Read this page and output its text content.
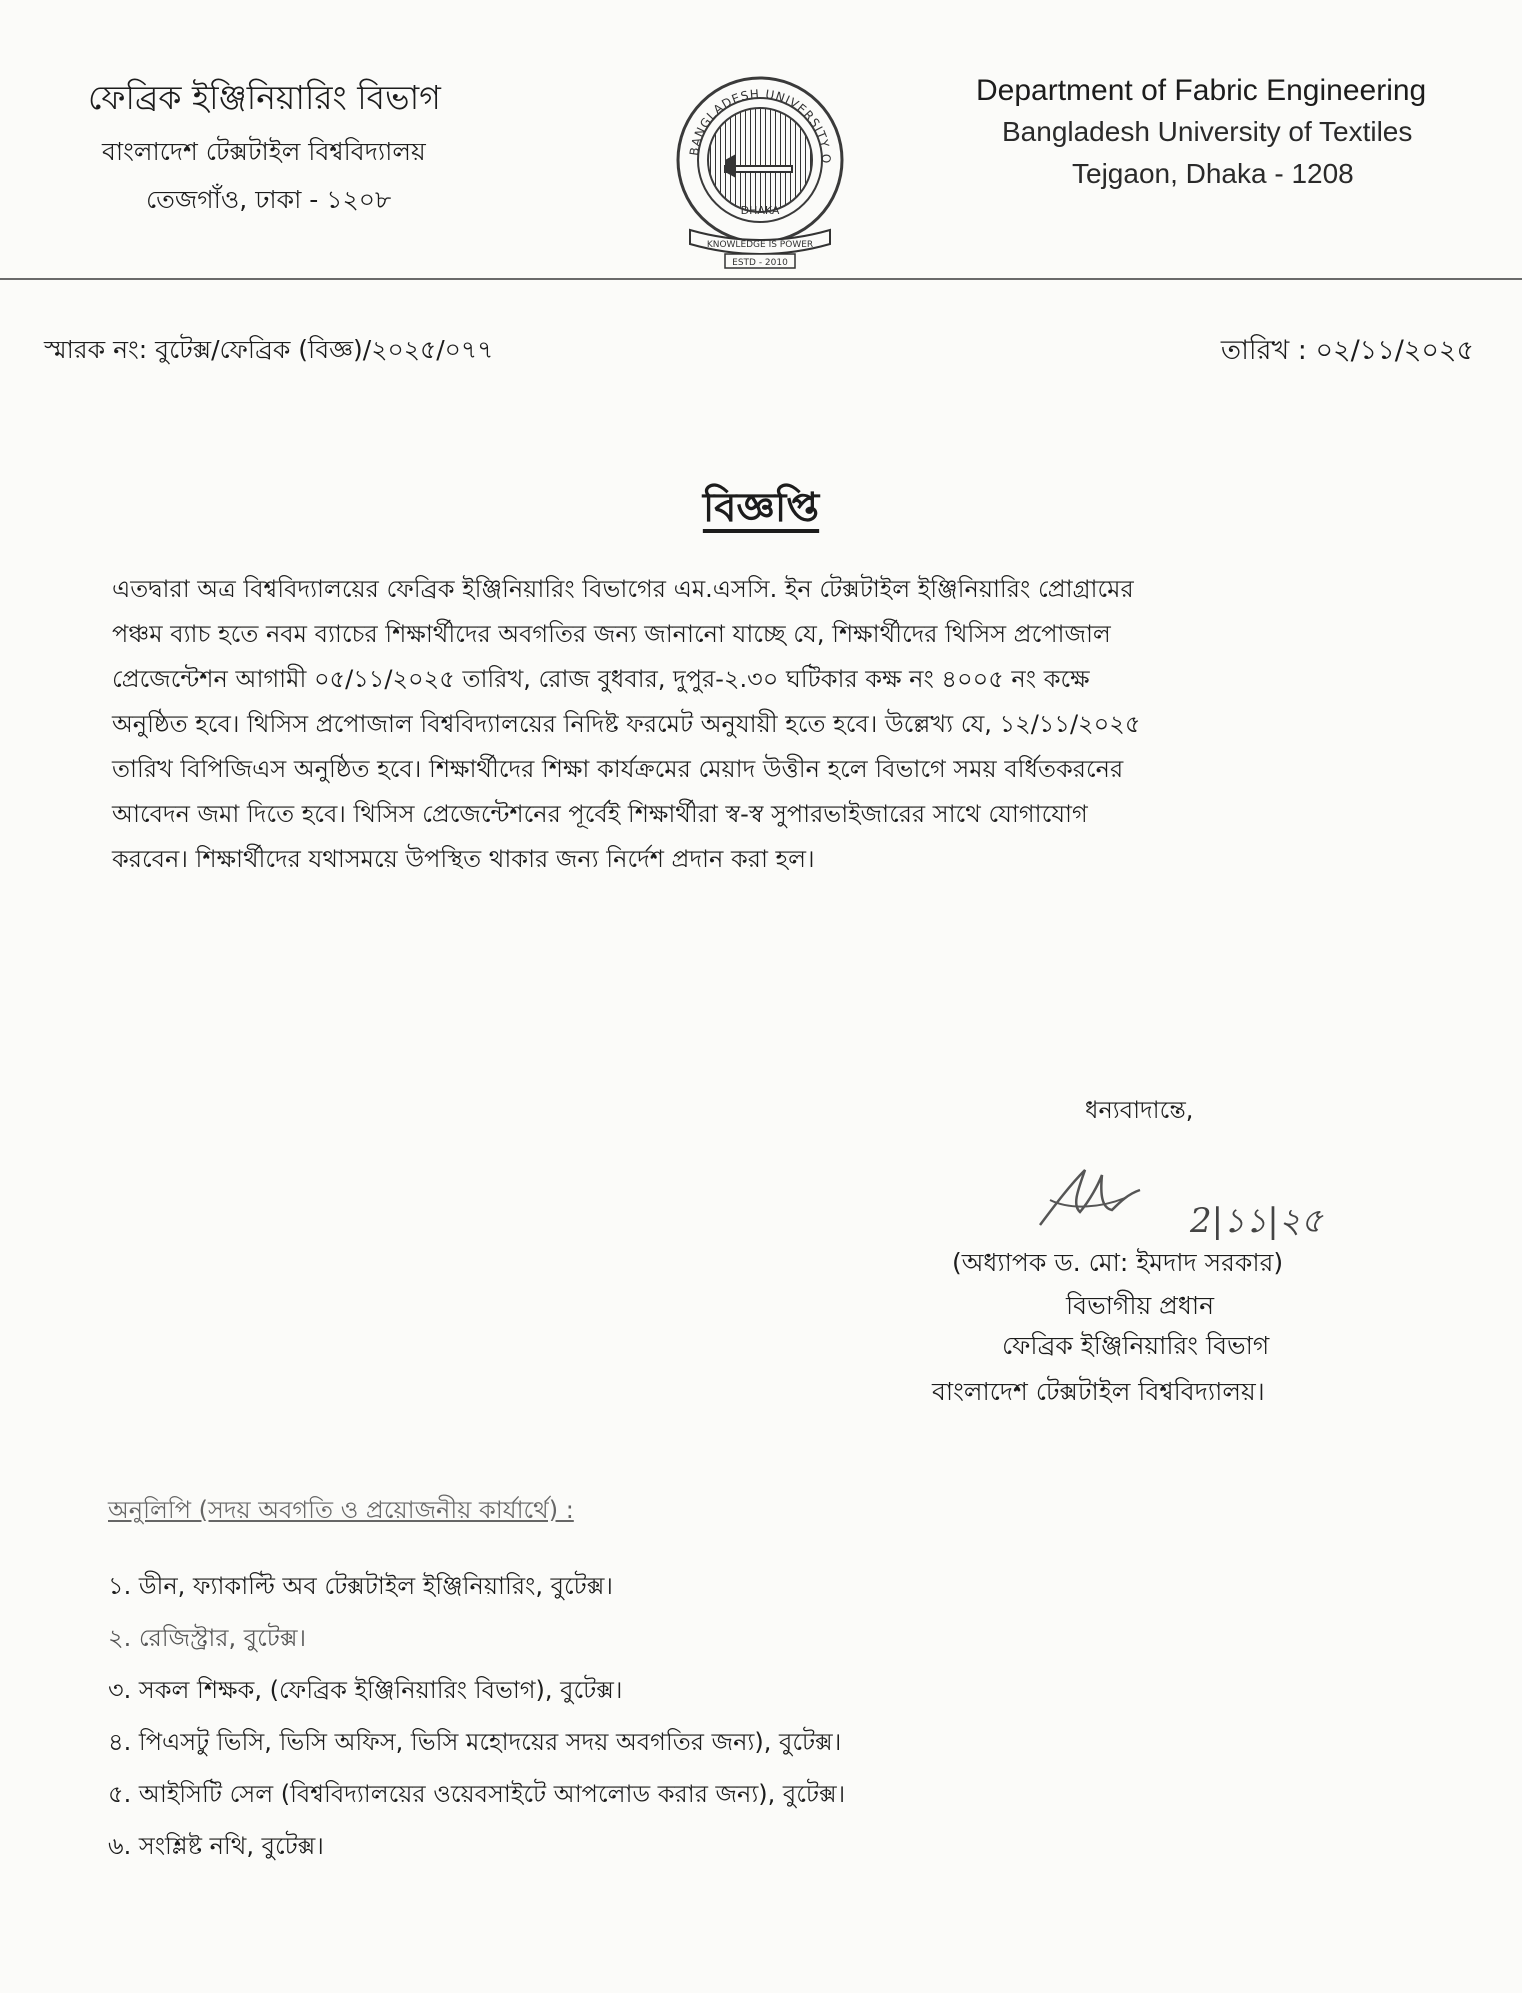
ফেব্রিক ইঞ্জিনিয়ারিং বিভাগ
বাংলাদেশ টেক্সটাইল বিশ্ববিদ্যালয়
তেজগাঁও, ঢাকা - ১২০৮
BANGLADESH UNIVERSITY O
DHAKA
KNOWLEDGE IS POWER
ESTD - 2010
Department of Fabric Engineering
Bangladesh University of Textiles
Tejgaon, Dhaka - 1208
স্মারক নং: বুটেক্স/ফেব্রিক (বিজ্ঞ)/২০২৫/০৭৭	তারিখ : ০২/১১/২০২৫
বিজ্ঞপ্তি
এতদ্বারা অত্র বিশ্ববিদ্যালয়ের ফেব্রিক ইঞ্জিনিয়ারিং বিভাগের এম.এসসি. ইন টেক্সটাইল ইঞ্জিনিয়ারিং প্রোগ্রামের
পঞ্চম ব্যাচ হতে নবম ব্যাচের শিক্ষার্থীদের অবগতির জন্য জানানো যাচ্ছে যে, শিক্ষার্থীদের থিসিস প্রপোজাল
প্রেজেন্টেশন আগামী ০৫/১১/২০২৫ তারিখ, রোজ বুধবার, দুপুর-২.৩০ ঘটিকার কক্ষ নং ৪০০৫ নং কক্ষে
অনুষ্ঠিত হবে। থিসিস প্রপোজাল বিশ্ববিদ্যালয়ের নিদিষ্ট ফরমেট অনুযায়ী হতে হবে। উল্লেখ্য যে, ১২/১১/২০২৫
তারিখ বিপিজিএস অনুষ্ঠিত হবে। শিক্ষার্থীদের শিক্ষা কার্যক্রমের মেয়াদ উত্তীন হলে বিভাগে সময় বর্ধিতকরনের
আবেদন জমা দিতে হবে। থিসিস প্রেজেন্টেশনের পূর্বেই শিক্ষার্থীরা স্ব-স্ব সুপারভাইজারের সাথে যোগাযোগ
করবেন। শিক্ষার্থীদের যথাসময়ে উপস্থিত থাকার জন্য নির্দেশ প্রদান করা হল।
ধন্যবাদান্তে,
2|১১|২৫
(অধ্যাপক ড. মো: ইমদাদ সরকার)
বিভাগীয় প্রধান
ফেব্রিক ইঞ্জিনিয়ারিং বিভাগ
বাংলাদেশ টেক্সটাইল বিশ্ববিদ্যালয়।
অনুলিপি (সদয় অবগতি ও প্রয়োজনীয় কার্যার্থে) :
১. ডীন, ফ্যাকাল্টি অব টেক্সটাইল ইঞ্জিনিয়ারিং, বুটেক্স।
২. রেজিস্ট্রার, বুটেক্স।
৩. সকল শিক্ষক, (ফেব্রিক ইঞ্জিনিয়ারিং বিভাগ), বুটেক্স।
৪. পিএসটু ভিসি, ভিসি অফিস, ভিসি মহোদয়ের সদয় অবগতির জন্য), বুটেক্স।
৫. আইসিটি সেল (বিশ্ববিদ্যালয়ের ওয়েবসাইটে আপলোড করার জন্য), বুটেক্স।
৬. সংশ্লিষ্ট নথি, বুটেক্স।
